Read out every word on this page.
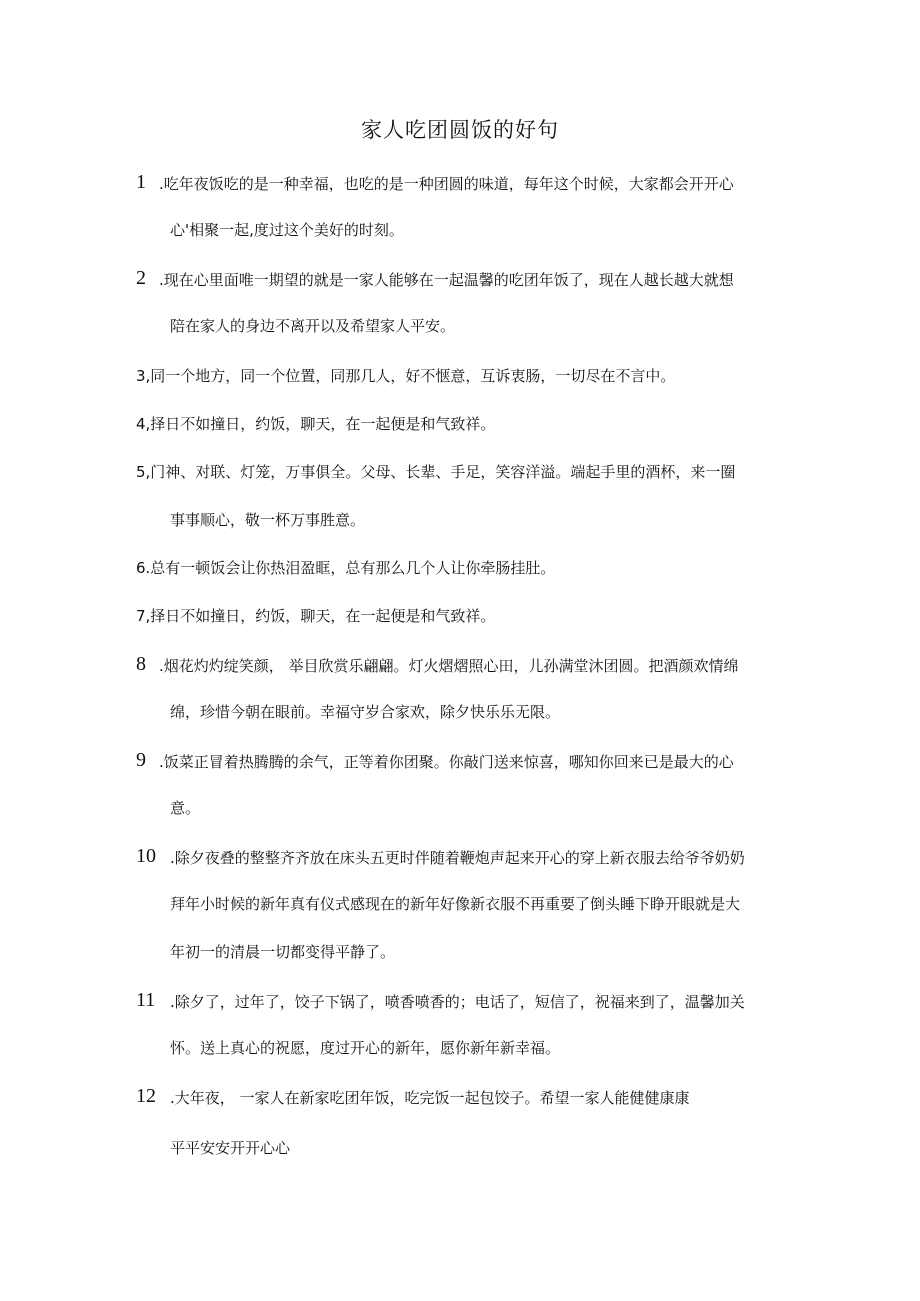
家人吃团圆饭的好句
1 .吃年夜饭吃的是一种幸福，也吃的是一种团圆的味道，每年这个时候，大家都会开开心
心'相聚一起,度过这个美好的时刻。
2 .现在心里面唯一期望的就是一家人能够在一起温馨的吃团年饭了，现在人越长越大就想
陪在家人的身边不离开以及希望家人平安。
3,同一个地方，同一个位置，同那几人，好不惬意，互诉衷肠，一切尽在不言中。
4,择日不如撞日，约饭，聊天，在一起便是和气致祥。
5,门神、对联、灯笼，万事俱全。父母、长辈、手足，笑容洋溢。端起手里的酒杯，来一圈
事事顺心，敬一杯万事胜意。
6.总有一顿饭会让你热泪盈眶，总有那么几个人让你牵肠挂肚。
7,择日不如撞日，约饭，聊天，在一起便是和气致祥。
8 .烟花灼灼绽笑颜， 举目欣赏乐翩翩。灯火熠熠照心田，儿孙满堂沐团圆。把酒颜欢情绵
绵，珍惜今朝在眼前。幸福守岁合家欢，除夕快乐乐无限。
9 .饭菜正冒着热腾腾的余气，正等着你团聚。你敲门送来惊喜，哪知你回来已是最大的心
意。
10 .除夕夜叠的整整齐齐放在床头五更时伴随着鞭炮声起来开心的穿上新衣服去给爷爷奶奶
拜年小时候的新年真有仪式感现在的新年好像新衣服不再重要了倒头睡下睁开眼就是大
年初一的清晨一切都变得平静了。
11 .除夕了，过年了，饺子下锅了，喷香喷香的；电话了，短信了，祝福来到了，温馨加关
怀。送上真心的祝愿，度过开心的新年，愿你新年新幸福。
12 .大年夜， 一家人在新家吃团年饭，吃完饭一起包饺子。希望一家人能健健康康
平平安安开开心心
